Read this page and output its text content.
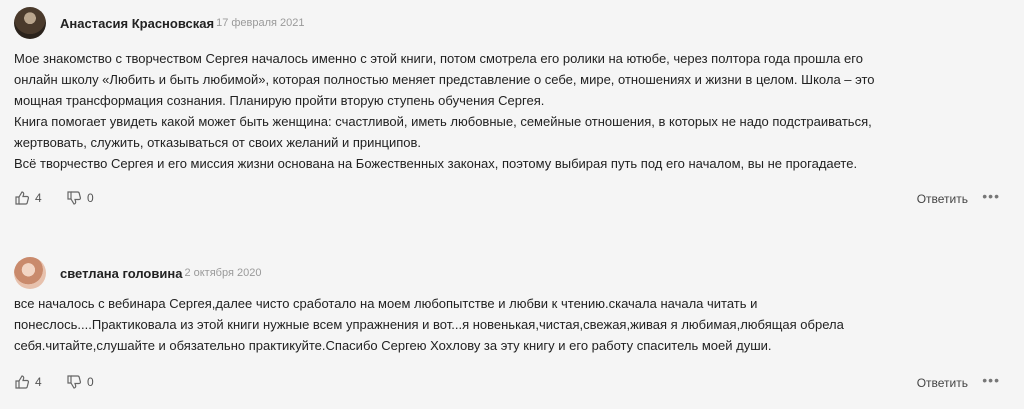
Анастасия Красновская 17 февраля 2021
Мое знакомство с творчеством Сергея началось именно с этой книги, потом смотрела его ролики на ютюбе, через полтора года прошла его
онлайн школу «Любить и быть любимой», которая полностью меняет представление о себе, мире, отношениях и жизни в целом. Школа – это
мощная трансформация сознания. Планирую пройти вторую ступень обучения Сергея.
Книга помогает увидеть какой может быть женщина: счастливой, иметь любовные, семейные отношения, в которых не надо подстраиваться,
жертвовать, служить, отказываться от своих желаний и принципов.
Всё творчество Сергея и его миссия жизни основана на Божественных законах, поэтому выбирая путь под его началом, вы не прогадаете.
4	0	Ответить •••
светлана головина 2 октября 2020
все началось с вебинара Сергея,далее чисто сработало на моем любопытстве и любви к чтению.скачала начала читать и
понеслось....Практиковала из этой книги нужные всем упражнения и вот...я новенькая,чистая,свежая,живая я любимая,любящая обрела
себя.читайте,слушайте и обязательно практикуйте.Спасибо Сергею Хохлову за эту книгу и его работу спаситель моей души.
4	0	Ответить •••
